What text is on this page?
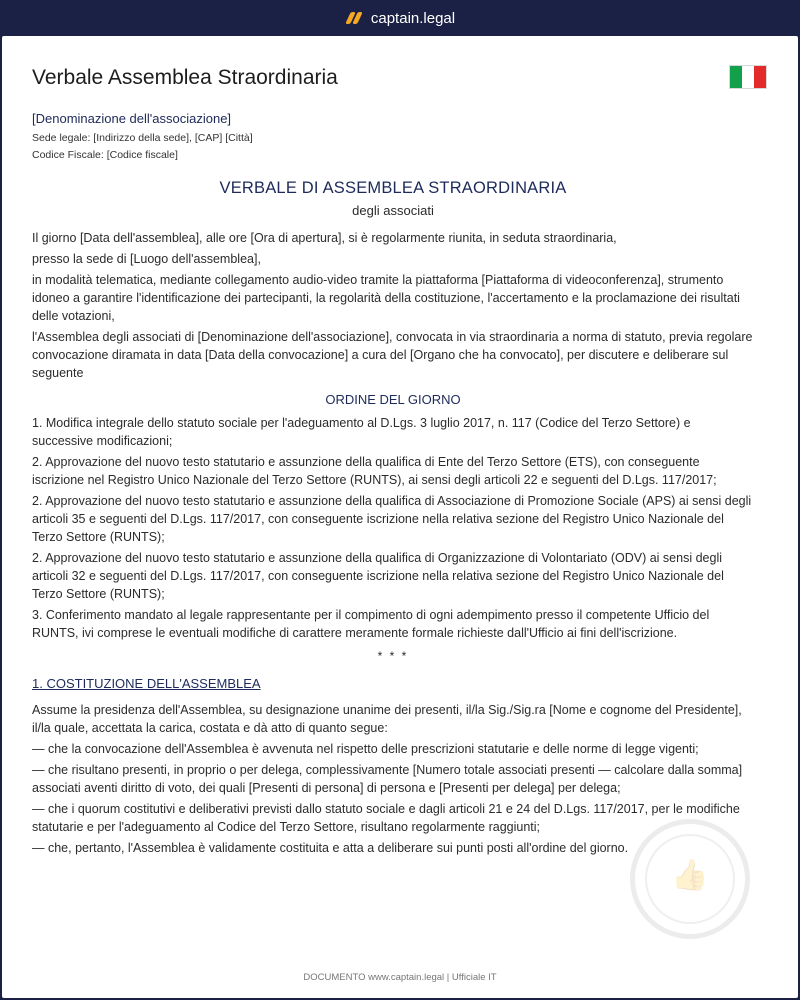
captain.legal
Verbale Assemblea Straordinaria
[Denominazione dell'associazione]
Sede legale: [Indirizzo della sede], [CAP] [Città]
Codice Fiscale: [Codice fiscale]
VERBALE DI ASSEMBLEA STRAORDINARIA
degli associati
Il giorno [Data dell'assemblea], alle ore [Ora di apertura], si è regolarmente riunita, in seduta straordinaria,
presso la sede di [Luogo dell'assemblea],
in modalità telematica, mediante collegamento audio-video tramite la piattaforma [Piattaforma di videoconferenza], strumento idoneo a garantire l'identificazione dei partecipanti, la regolarità della costituzione, l'accertamento e la proclamazione dei risultati delle votazioni,
l'Assemblea degli associati di [Denominazione dell'associazione], convocata in via straordinaria a norma di statuto, previa regolare convocazione diramata in data [Data della convocazione] a cura del [Organo che ha convocato], per discutere e deliberare sul seguente
ORDINE DEL GIORNO
1. Modifica integrale dello statuto sociale per l'adeguamento al D.Lgs. 3 luglio 2017, n. 117 (Codice del Terzo Settore) e successive modificazioni;
2. Approvazione del nuovo testo statutario e assunzione della qualifica di Ente del Terzo Settore (ETS), con conseguente iscrizione nel Registro Unico Nazionale del Terzo Settore (RUNTS), ai sensi degli articoli 22 e seguenti del D.Lgs. 117/2017;
2. Approvazione del nuovo testo statutario e assunzione della qualifica di Associazione di Promozione Sociale (APS) ai sensi degli articoli 35 e seguenti del D.Lgs. 117/2017, con conseguente iscrizione nella relativa sezione del Registro Unico Nazionale del Terzo Settore (RUNTS);
2. Approvazione del nuovo testo statutario e assunzione della qualifica di Organizzazione di Volontariato (ODV) ai sensi degli articoli 32 e seguenti del D.Lgs. 117/2017, con conseguente iscrizione nella relativa sezione del Registro Unico Nazionale del Terzo Settore (RUNTS);
3. Conferimento mandato al legale rappresentante per il compimento di ogni adempimento presso il competente Ufficio del RUNTS, ivi comprese le eventuali modifiche di carattere meramente formale richieste dall'Ufficio ai fini dell'iscrizione.
* * *
1. COSTITUZIONE DELL'ASSEMBLEA
Assume la presidenza dell'Assemblea, su designazione unanime dei presenti, il/la Sig./Sig.ra [Nome e cognome del Presidente], il/la quale, accettata la carica, costata e dà atto di quanto segue:
— che la convocazione dell'Assemblea è avvenuta nel rispetto delle prescrizioni statutarie e delle norme di legge vigenti;
— che risultano presenti, in proprio o per delega, complessivamente [Numero totale associati presenti — calcolare dalla somma] associati aventi diritto di voto, dei quali [Presenti di persona] di persona e [Presenti per delega] per delega;
— che i quorum costitutivi e deliberativi previsti dallo statuto sociale e dagli articoli 21 e 24 del D.Lgs. 117/2017, per le modifiche statutarie e per l'adeguamento al Codice del Terzo Settore, risultano regolarmente raggiunti;
— che, pertanto, l'Assemblea è validamente costituita e atta a deliberare sui punti posti all'ordine del giorno.
👍
DOCUMENTO www.captain.legal | Ufficiale IT
